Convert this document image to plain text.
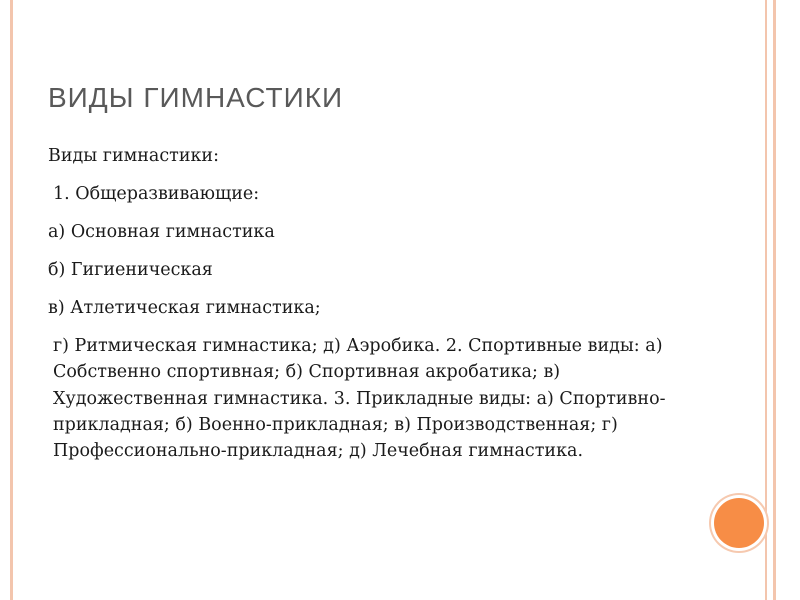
ВИДЫ ГИМНАСТИКИ
Виды гимнастики:
1. Общеразвивающие:
а) Основная гимнастика
б) Гигиеническая
в) Атлетическая гимнастика;
г) Ритмическая гимнастика; д) Аэробика. 2. Спортивные виды: а) Собственно спортивная; б) Спортивная акробатика; в) Художественная гимнастика. 3. Прикладные виды: а) Спортивно-прикладная; б) Военно-прикладная; в) Производственная; г) Профессионально-прикладная; д) Лечебная гимнастика.
